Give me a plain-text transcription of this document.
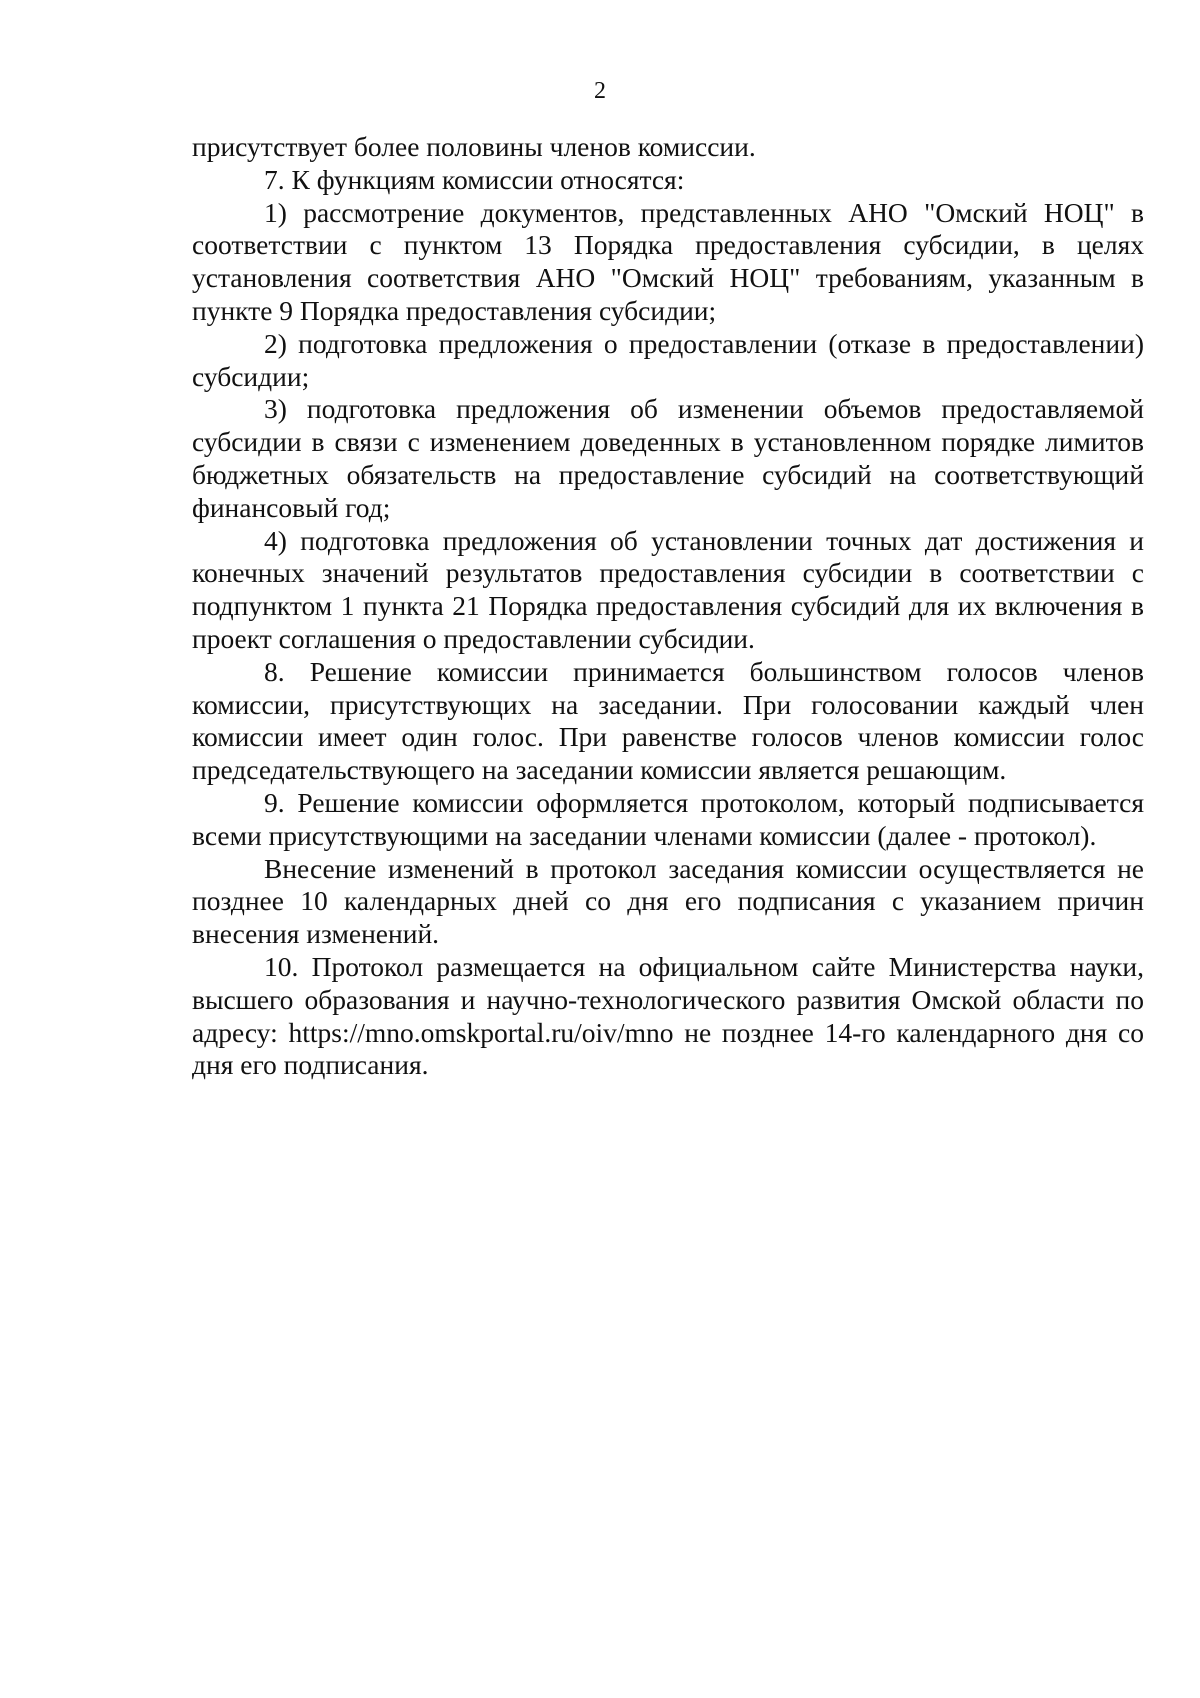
2

присутствует более половины членов комиссии.

7. К функциям комиссии относятся:

1) рассмотрение документов, представленных АНО "Омский НОЦ" в соответствии с пунктом 13 Порядка предоставления субсидии, в целях установления соответствия АНО "Омский НОЦ" требованиям, указанным в пункте 9 Порядка предоставления субсидии;

2) подготовка предложения о предоставлении (отказе в предоставлении) субсидии;

3) подготовка предложения об изменении объемов предоставляемой субсидии в связи с изменением доведенных в установленном порядке лимитов бюджетных обязательств на предоставление субсидий на соответствующий финансовый год;

4) подготовка предложения об установлении точных дат достижения и конечных значений результатов предоставления субсидии в соответствии с подпунктом 1 пункта 21 Порядка предоставления субсидий для их включения в проект соглашения о предоставлении субсидии.

8. Решение комиссии принимается большинством голосов членов комиссии, присутствующих на заседании. При голосовании каждый член комиссии имеет один голос. При равенстве голосов членов комиссии голос председательствующего на заседании комиссии является решающим.

9. Решение комиссии оформляется протоколом, который подписывается всеми присутствующими на заседании членами комиссии (далее - протокол).

Внесение изменений в протокол заседания комиссии осуществляется не позднее 10 календарных дней со дня его подписания с указанием причин внесения изменений.

10. Протокол размещается на официальном сайте Министерства науки, высшего образования и научно-технологического развития Омской области по адресу: https://mno.omskportal.ru/oiv/mno не позднее 14-го календарного дня со дня его подписания.
